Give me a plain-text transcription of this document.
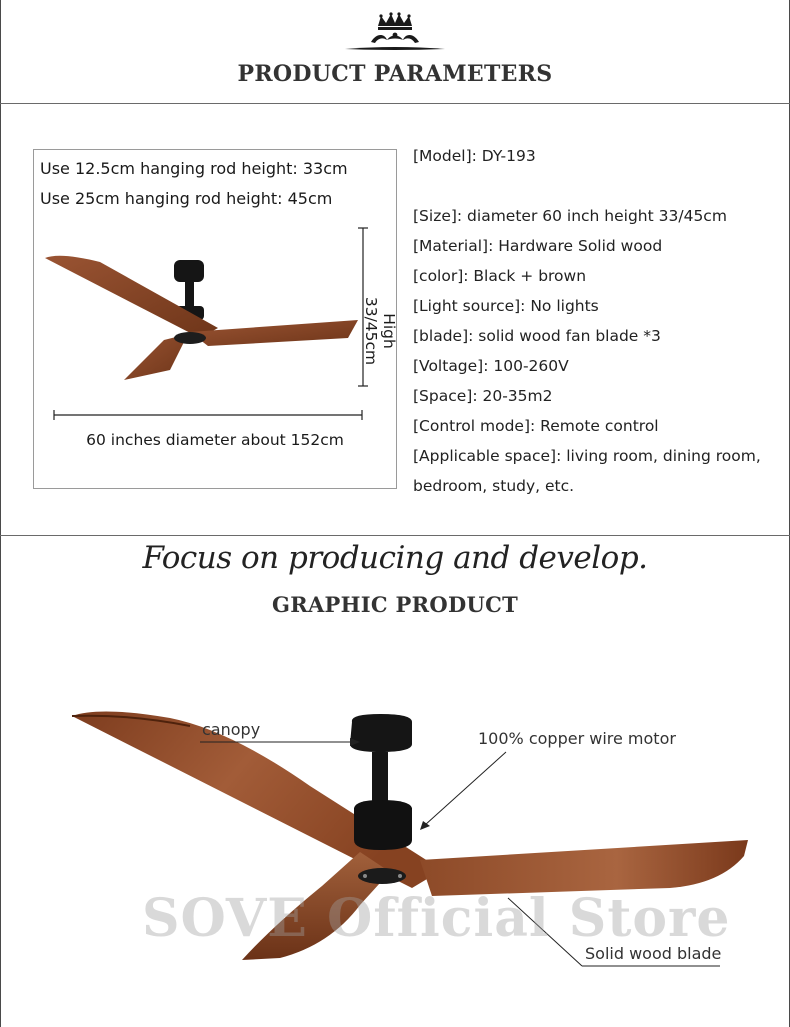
PRODUCT PARAMETERS
Use 12.5cm hanging rod height: 33cm
Use 25cm hanging rod height: 45cm
High 33/45cm
60 inches diameter about 152cm
[Model]: DY-193
[Size]: diameter 60 inch height 33/45cm
[Material]: Hardware Solid wood
[color]: Black + brown
[Light source]: No lights
[blade]: solid wood fan blade *3
[Voltage]: 100-260V
[Space]: 20-35m2
[Control mode]: Remote control
[Applicable space]: living room, dining room,
bedroom, study, etc.
Focus on producing and develop.
GRAPHIC PRODUCT
canopy	100% copper wire motor
Solid wood blade
SOVE Official Store
